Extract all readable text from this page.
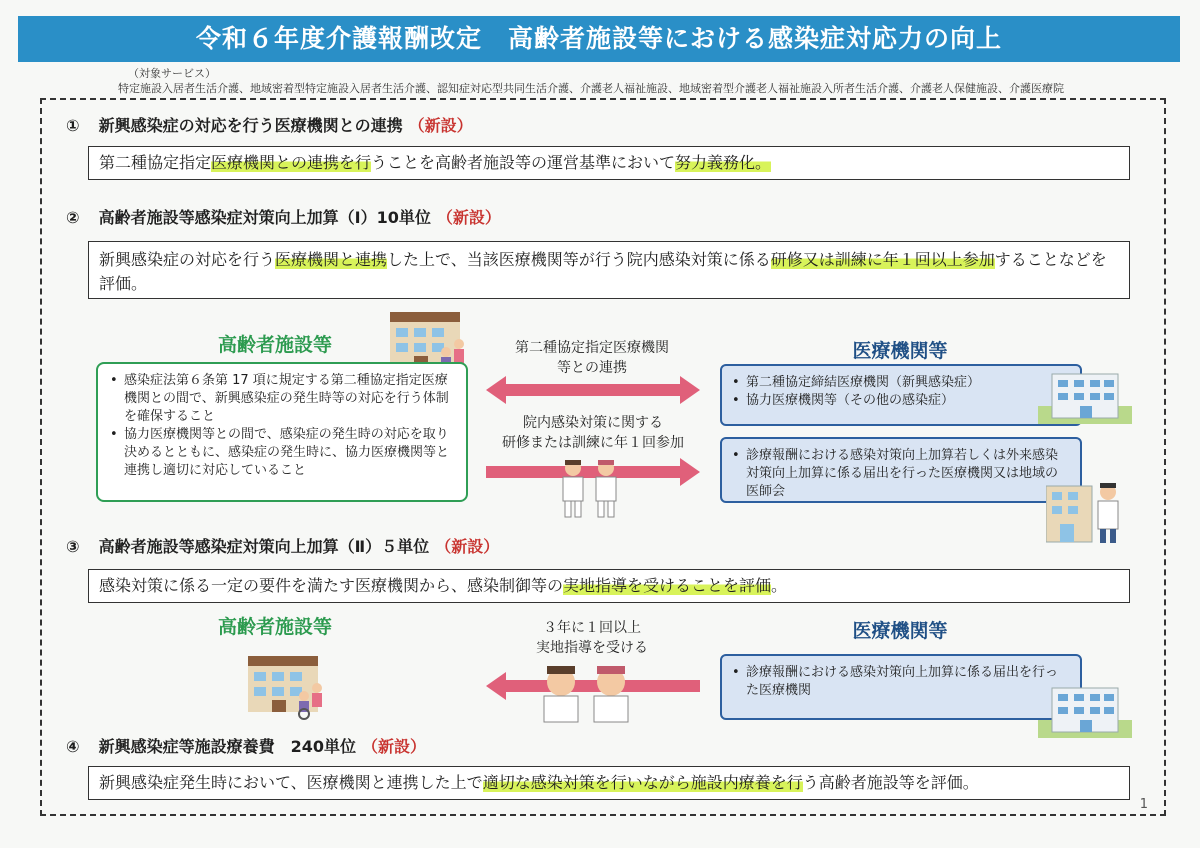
令和６年度介護報酬改定　高齢者施設等における感染症対応力の向上
（対象サービス）
特定施設入居者生活介護、地域密着型特定施設入居者生活介護、認知症対応型共同生活介護、介護老人福祉施設、地域密着型介護老人福祉施設入所者生活介護、介護老人保健施設、介護医療院
① 新興感染症の対応を行う医療機関との連携 （新設）
第二種協定指定医療機関との連携を行うことを高齢者施設等の運営基準において努力義務化。
② 高齢者施設等感染症対策向上加算（Ⅰ）10単位 （新設）
新興感染症の対応を行う医療機関と連携した上で、当該医療機関等が行う院内感染対策に係る研修又は訓練に年１回以上参加することなどを評価。
高齢者施設等
• 感染症法第６条第 17 項に規定する第二種協定指定医療機関との間で、新興感染症の発生時等の対応を行う体制を確保すること
• 協力医療機関等との間で、感染症の発生時の対応を取り決めるとともに、感染症の発生時に、協力医療機関等と連携し適切に対応していること
第二種協定指定医療機関
等との連携
院内感染対策に関する
研修または訓練に年１回参加
医療機関等
• 第二種協定締結医療機関（新興感染症）
• 協力医療機関等（その他の感染症）
• 診療報酬における感染対策向上加算若しくは外来感染対策向上加算に係る届出を行った医療機関又は地域の医師会
③ 高齢者施設等感染症対策向上加算（Ⅱ）５単位 （新設）
感染対策に係る一定の要件を満たす医療機関から、感染制御等の実地指導を受けることを評価。
高齢者施設等	３年に１回以上
実地指導を受ける
医療機関等
• 診療報酬における感染対策向上加算に係る届出を行った医療機関
④ 新興感染症等施設療養費　240単位 （新設）
新興感染症発生時において、医療機関と連携した上で適切な感染対策を行いながら施設内療養を行う高齢者施設等を評価。
1
